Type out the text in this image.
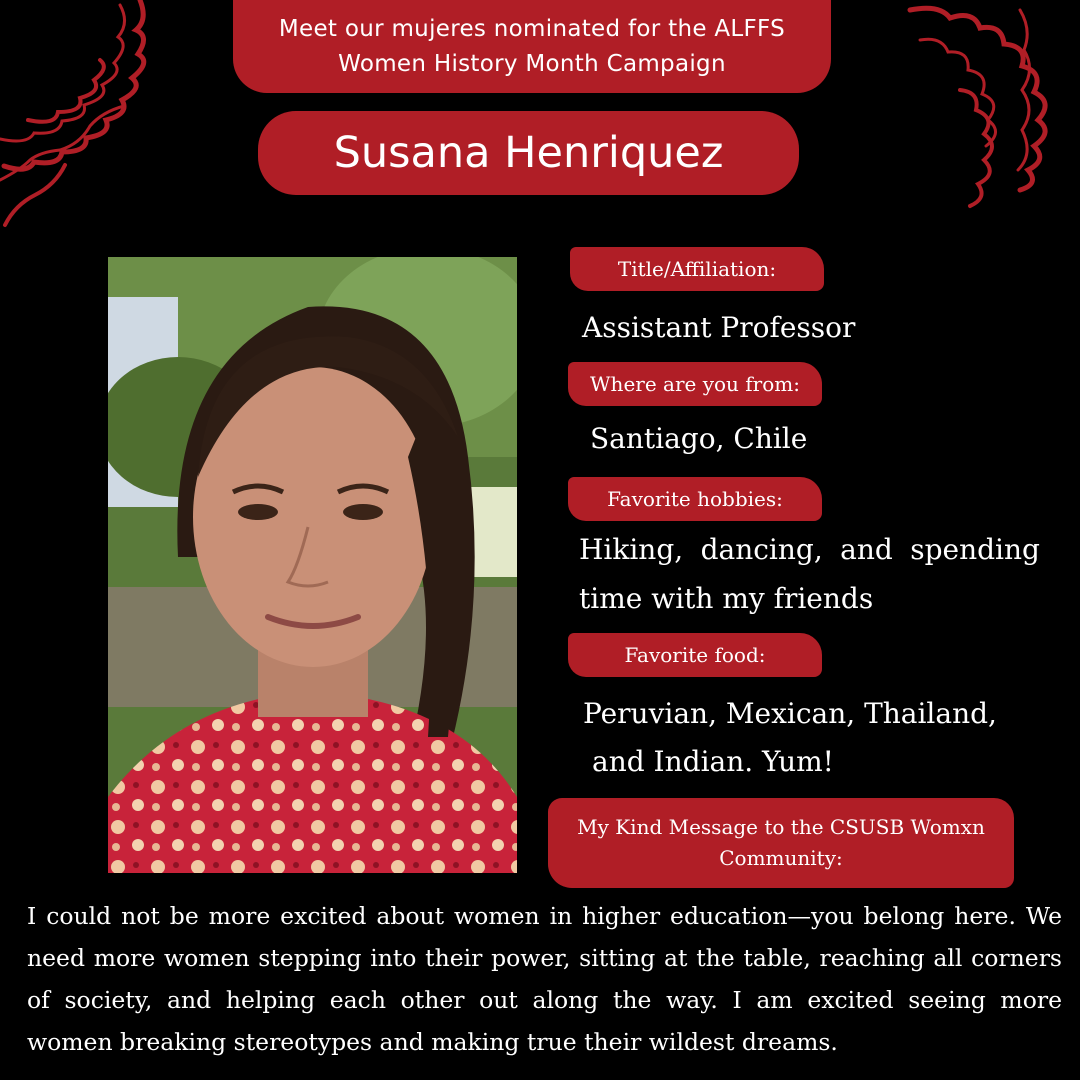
Meet our mujeres nominated for the ALFFS
Women History Month Campaign
Susana Henriquez
Title/Affiliation:
Assistant Professor
Where are you from:
Santiago, Chile
Favorite hobbies:
Hiking, dancing, and spending
time with my friends
Favorite food:
Peruvian, Mexican, Thailand,
and Indian. Yum!
My Kind Message to the CSUSB Womxn
Community:
I could not be more excited about women in higher education—you belong here. We
need more women stepping into their power, sitting at the table, reaching all corners
of society, and helping each other out along the way. I am excited seeing more
women breaking stereotypes and making true their wildest dreams.
